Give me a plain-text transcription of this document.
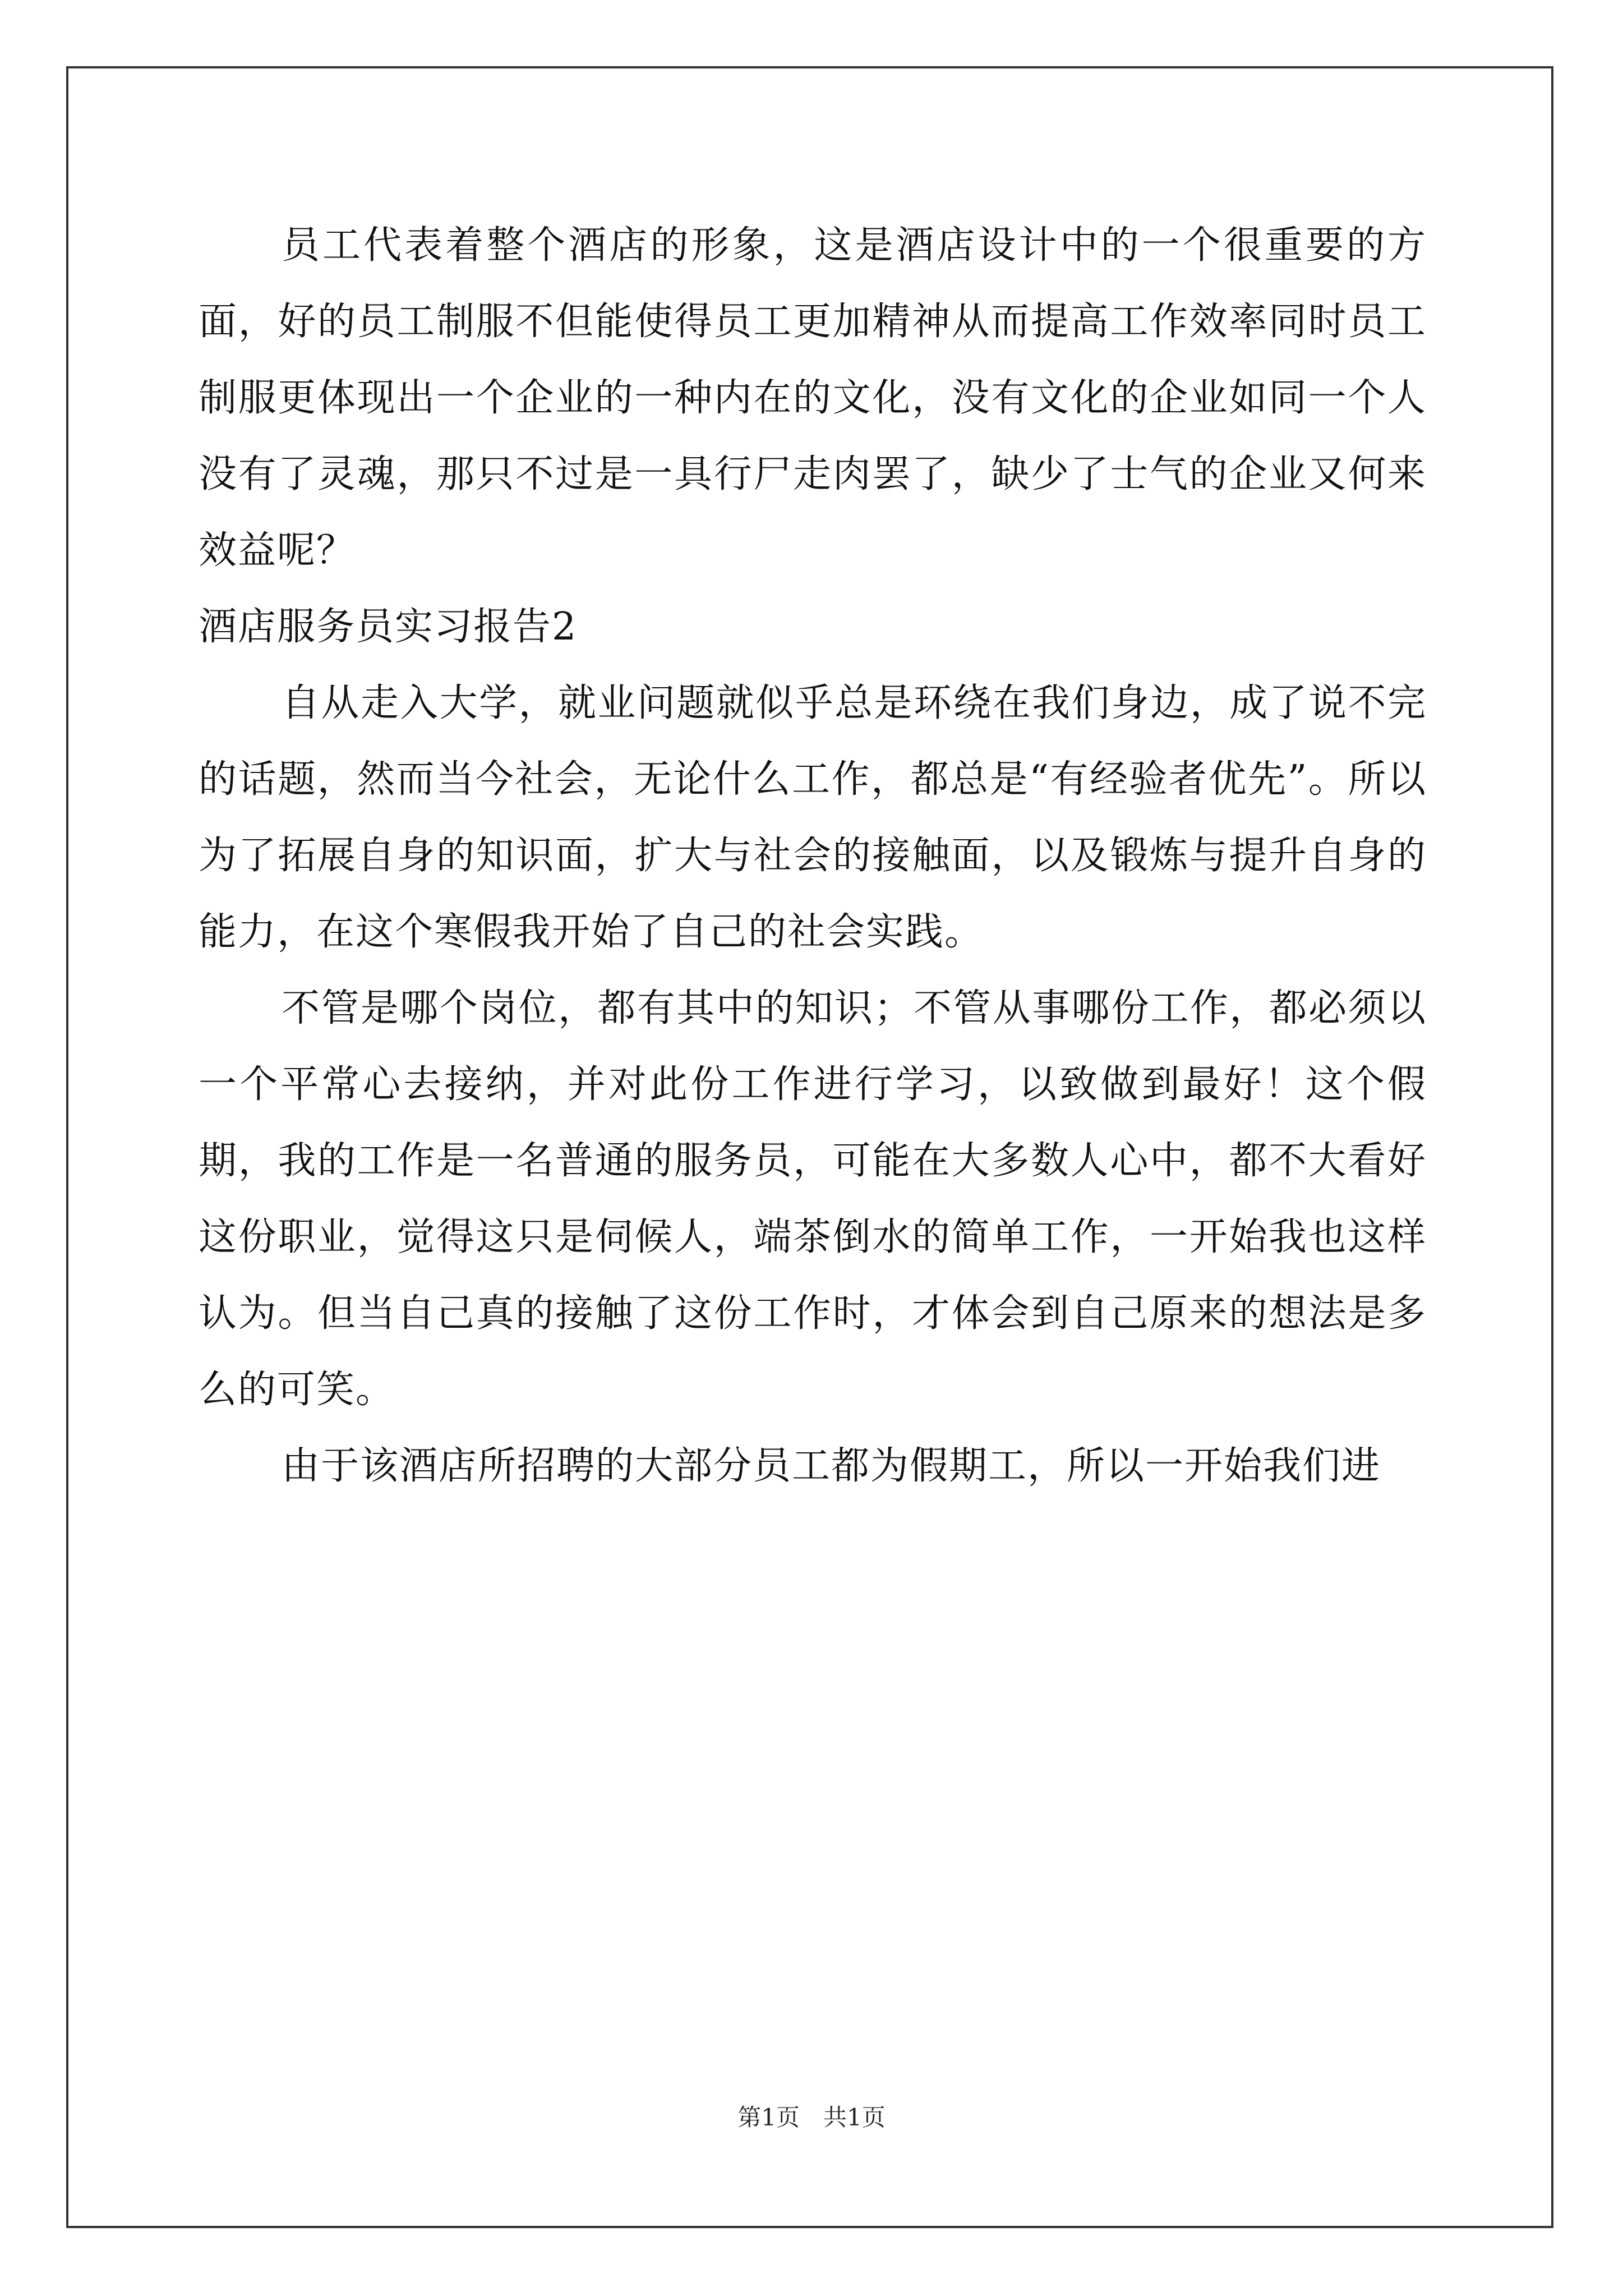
员工代表着整个酒店的形象，这是酒店设计中的一个很重要的方面，好的员工制服不但能使得员工更加精神从而提高工作效率同时员工制服更体现出一个企业的一种内在的文化，没有文化的企业如同一个人没有了灵魂，那只不过是一具行尸走肉罢了，缺少了士气的企业又何来效益呢？

酒店服务员实习报告2

自从走入大学，就业问题就似乎总是环绕在我们身边，成了说不完的话题，然而当今社会，无论什么工作，都总是“有经验者优先”。所以为了拓展自身的知识面，扩大与社会的接触面，以及锻炼与提升自身的能力，在这个寒假我开始了自己的社会实践。

不管是哪个岗位，都有其中的知识；不管从事哪份工作，都必须以一个平常心去接纳，并对此份工作进行学习，以致做到最好！这个假期，我的工作是一名普通的服务员，可能在大多数人心中，都不大看好这份职业，觉得这只是伺候人，端茶倒水的简单工作，一开始我也这样认为。但当自己真的接触了这份工作时，才体会到自己原来的想法是多么的可笑。

由于该酒店所招聘的大部分员工都为假期工，所以一开始我们进

第1页　共1页
